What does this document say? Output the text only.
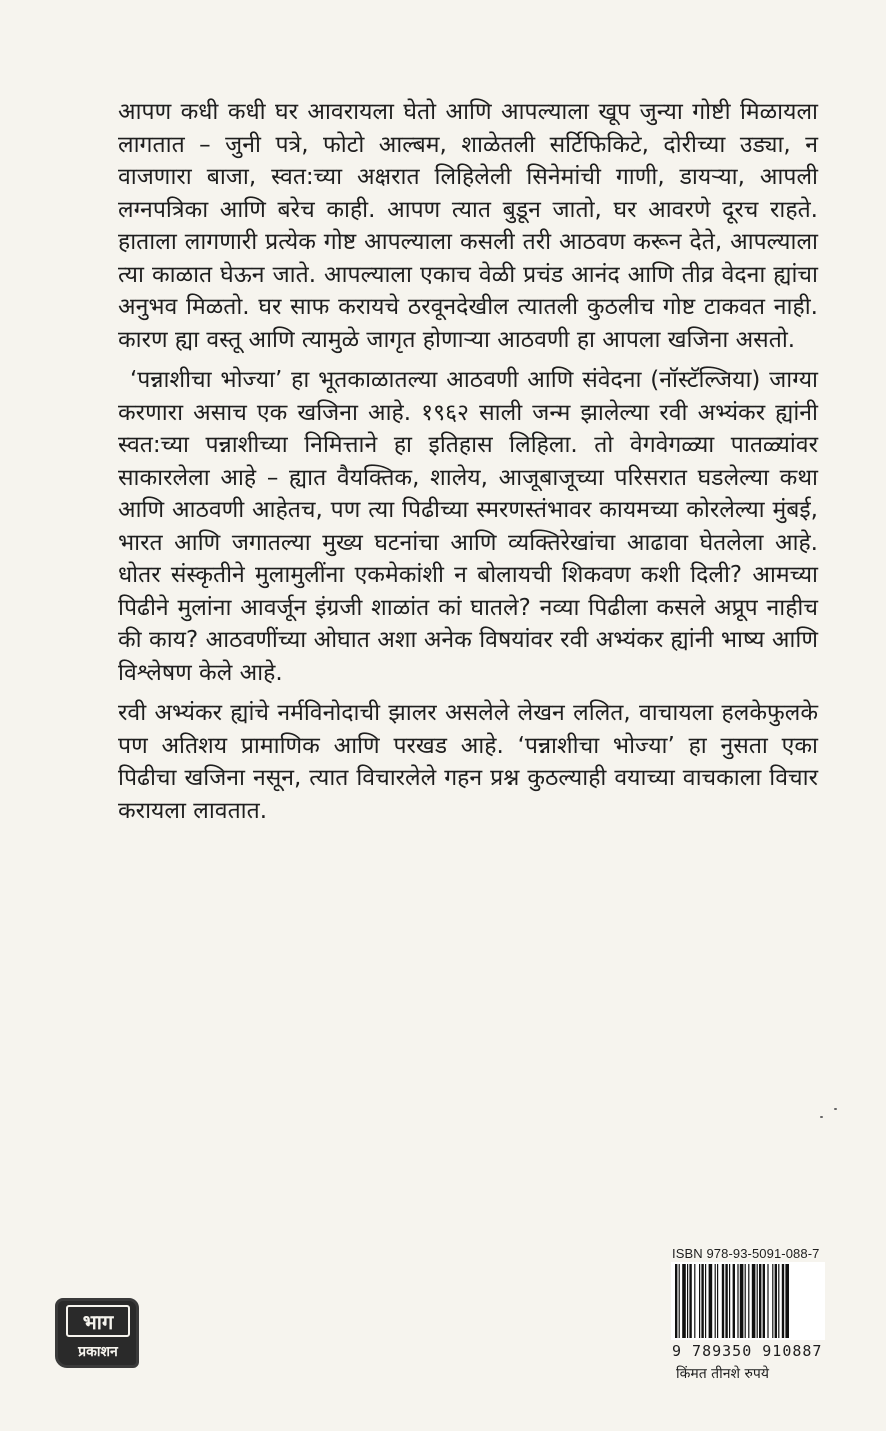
आपण कधी कधी घर आवरायला घेतो आणि आपल्याला खूप जुन्या गोष्टी मिळायला लागतात – जुनी पत्रे, फोटो आल्बम, शाळेतली सर्टिफिकिटे, दोरीच्या उड्या, न वाजणारा बाजा, स्वत:च्या अक्षरात लिहिलेली सिनेमांची गाणी, डायऱ्या, आपली लग्नपत्रिका आणि बरेच काही. आपण त्यात बुडून जातो, घर आवरणे दूरच राहते. हाताला लागणारी प्रत्येक गोष्ट आपल्याला कसली तरी आठवण करून देते, आपल्याला त्या काळात घेऊन जाते. आपल्याला एकाच वेळी प्रचंड आनंद आणि तीव्र वेदना ह्यांचा अनुभव मिळतो. घर साफ करायचे ठरवूनदेखील त्यातली कुठलीच गोष्ट टाकवत नाही. कारण ह्या वस्तू आणि त्यामुळे जागृत होणाऱ्या आठवणी हा आपला खजिना असतो.

‘पन्नाशीचा भोज्या’ हा भूतकाळातल्या आठवणी आणि संवेदना (नॉस्टॅल्जिया) जाग्या करणारा असाच एक खजिना आहे. १९६२ साली जन्म झालेल्या रवी अभ्यंकर ह्यांनी स्वत:च्या पन्नाशीच्या निमित्ताने हा इतिहास लिहिला. तो वेगवेगळ्या पातळ्यांवर साकारलेला आहे – ह्यात वैयक्तिक, शालेय, आजूबाजूच्या परिसरात घडलेल्या कथा आणि आठवणी आहेतच, पण त्या पिढीच्या स्मरणस्तंभावर कायमच्या कोरलेल्या मुंबई, भारत आणि जगातल्या मुख्य घटनांचा आणि व्यक्तिरेखांचा आढावा घेतलेला आहे. धोतर संस्कृतीने मुलामुलींना एकमेकांशी न बोलायची शिकवण कशी दिली? आमच्या पिढीने मुलांना आवर्जून इंग्रजी शाळांत कां घातले? नव्या पिढीला कसले अप्रूप नाहीच की काय? आठवणींच्या ओघात अशा अनेक विषयांवर रवी अभ्यंकर ह्यांनी भाष्य आणि विश्लेषण केले आहे.

रवी अभ्यंकर ह्यांचे नर्मविनोदाची झालर असलेले लेखन ललित, वाचायला हलकेफुलके पण अतिशय प्रामाणिक आणि परखड आहे. ‘पन्नाशीचा भोज्या’ हा नुसता एका पिढीचा खजिना नसून, त्यात विचारलेले गहन प्रश्न कुठल्याही वयाच्या वाचकाला विचार करायला लावतात.

भाग
प्रकाशन
ISBN 978-93-5091-088-7
9 789350 910887
किंमत तीनशे रुपये
